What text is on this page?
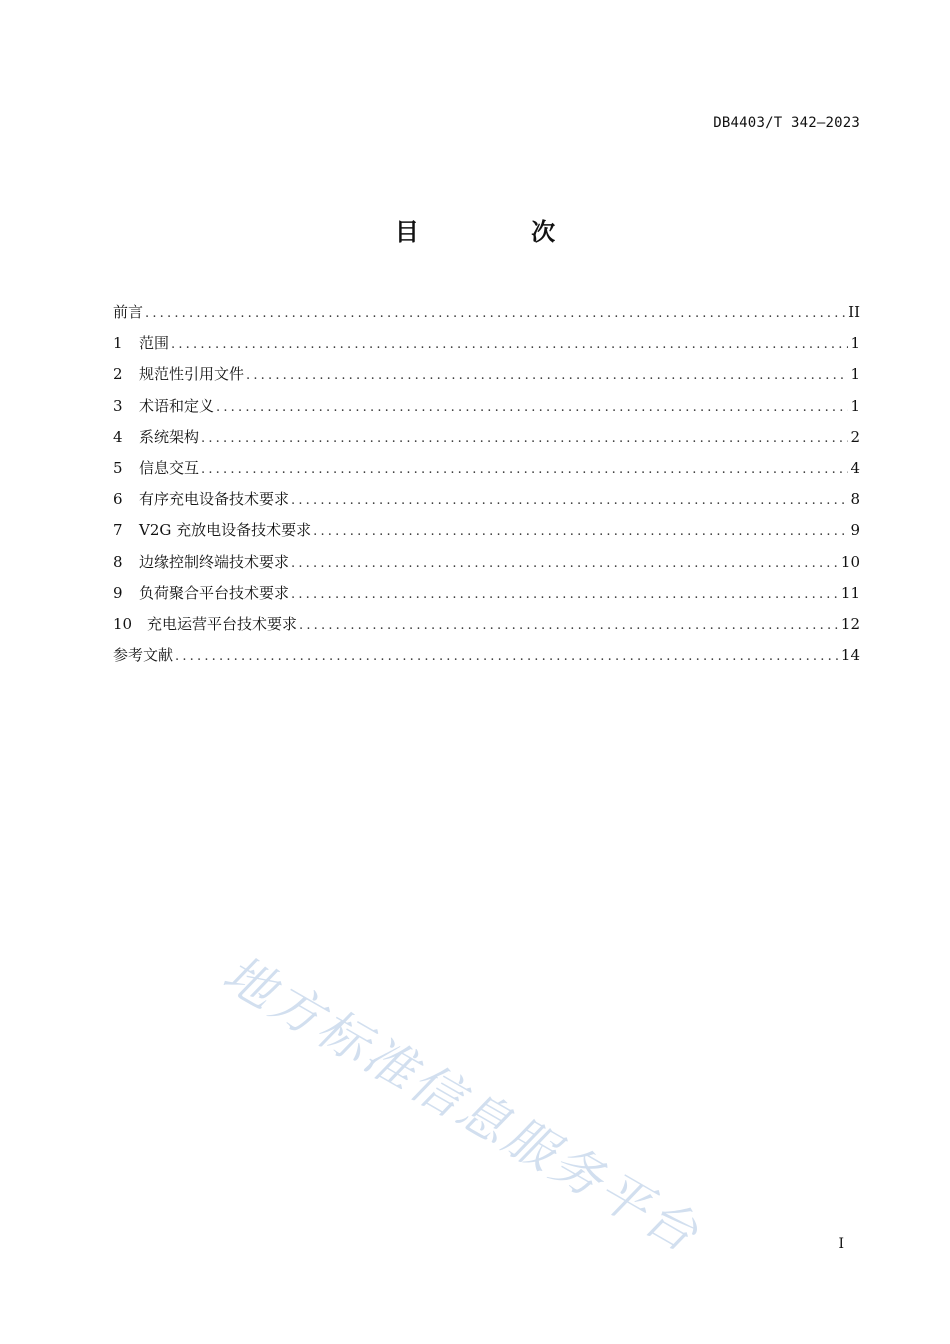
DB4403/T 342—2023
目 次
前言 .....	II
1	范围 .....	1
2	规范性引用文件 .....	1
3	术语和定义 .....	1
4	系统架构 .....	2
5	信息交互 .....	4
6	有序充电设备技术要求 .....	8
7	V2G 充放电设备技术要求 .....	9
8	边缘控制终端技术要求 .....	10
9	负荷聚合平台技术要求 .....	11
10 充电运营平台技术要求 .....	12
参考文献 .....	14
地方标准信息服务平台	I
